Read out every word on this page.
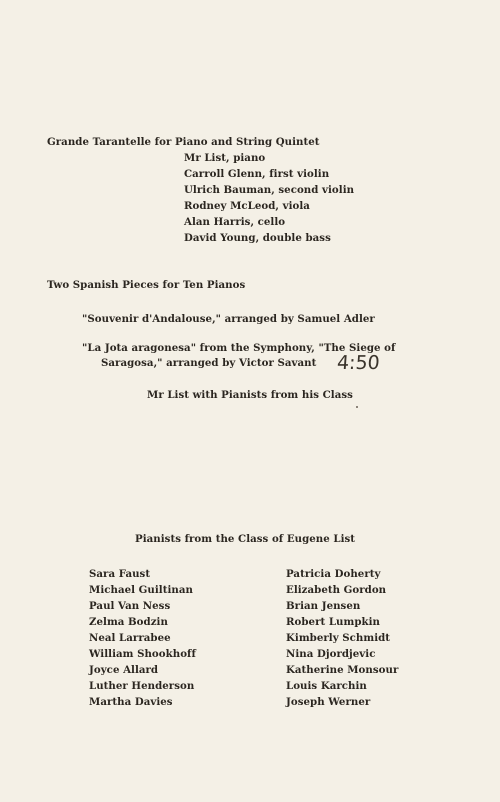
Grande Tarantelle for Piano and String Quintet
Mr List, piano
Carroll Glenn, first violin
Ulrich Bauman, second violin
Rodney McLeod, viola
Alan Harris, cello
David Young, double bass
Two Spanish Pieces for Ten Pianos
"Souvenir d'Andalouse," arranged by Samuel Adler
"La Jota aragonesa" from the Symphony, "The Siege of
Saragosa," arranged by Victor Savant 4:50
Mr List with Pianists from his Class
Pianists from the Class of Eugene List
Sara Faust
Michael Guiltinan
Paul Van Ness
Zelma Bodzin
Neal Larrabee
William Shookhoff
Joyce Allard
Luther Henderson
Martha Davies
Patricia Doherty
Elizabeth Gordon
Brian Jensen
Robert Lumpkin
Kimberly Schmidt
Nina Djordjevic
Katherine Monsour
Louis Karchin
Joseph Werner
